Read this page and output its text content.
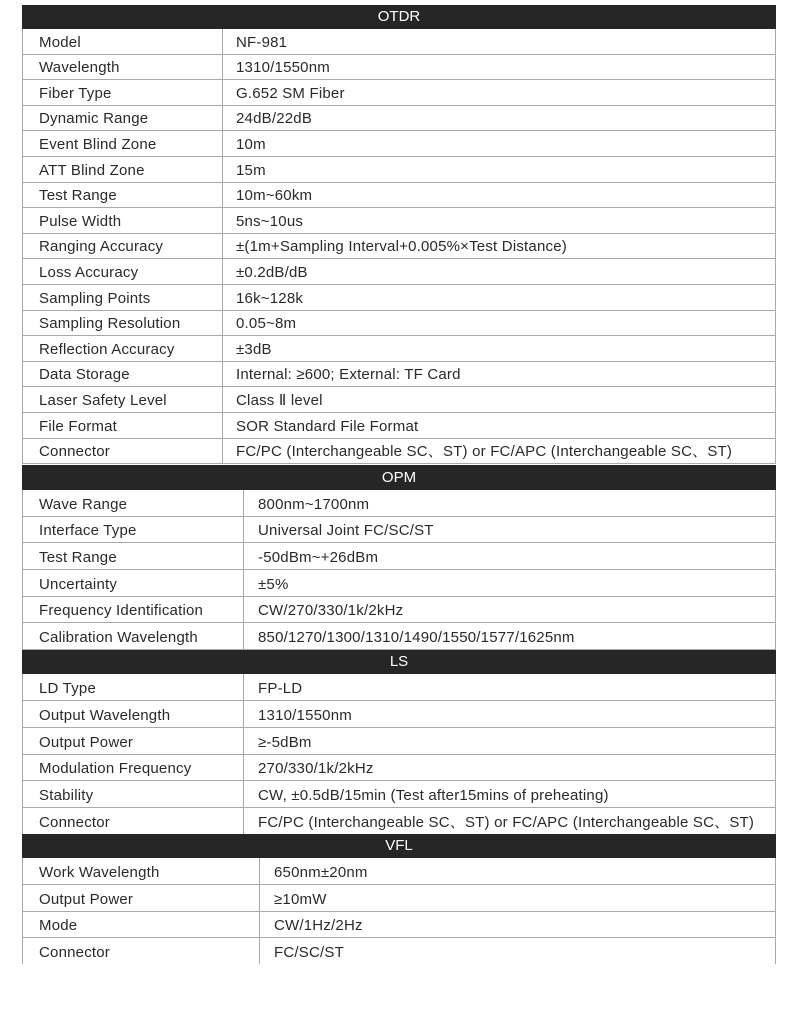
OTDR
Model	NF-981
Wavelength	1310/1550nm
Fiber Type	G.652 SM Fiber
Dynamic Range	24dB/22dB
Event Blind Zone	10m
ATT Blind Zone	15m
Test Range	10m~60km
Pulse Width	5ns~10us
Ranging Accuracy	±(1m+Sampling Interval+0.005%×Test Distance)
Loss Accuracy	±0.2dB/dB
Sampling Points	16k~128k
Sampling Resolution	0.05~8m
Reflection Accuracy	±3dB
Data Storage	Internal: ≥600; External: TF Card
Laser Safety Level	Class Ⅱ level
File Format	SOR Standard File Format
Connector	FC/PC (Interchangeable SC、ST) or FC/APC (Interchangeable SC、ST)
OPM
Wave Range	800nm~1700nm
Interface Type	Universal Joint FC/SC/ST
Test Range	-50dBm~+26dBm
Uncertainty	±5%
Frequency Identification	CW/270/330/1k/2kHz
Calibration Wavelength	850/1270/1300/1310/1490/1550/1577/1625nm
LS
LD Type	FP-LD
Output Wavelength	1310/1550nm
Output Power	≥-5dBm
Modulation Frequency	270/330/1k/2kHz
Stability	CW, ±0.5dB/15min (Test after15mins of preheating)
Connector	FC/PC (Interchangeable SC、ST) or FC/APC (Interchangeable SC、ST)
VFL
Work Wavelength	650nm±20nm
Output Power	≥10mW
Mode	CW/1Hz/2Hz
Connector	FC/SC/ST
